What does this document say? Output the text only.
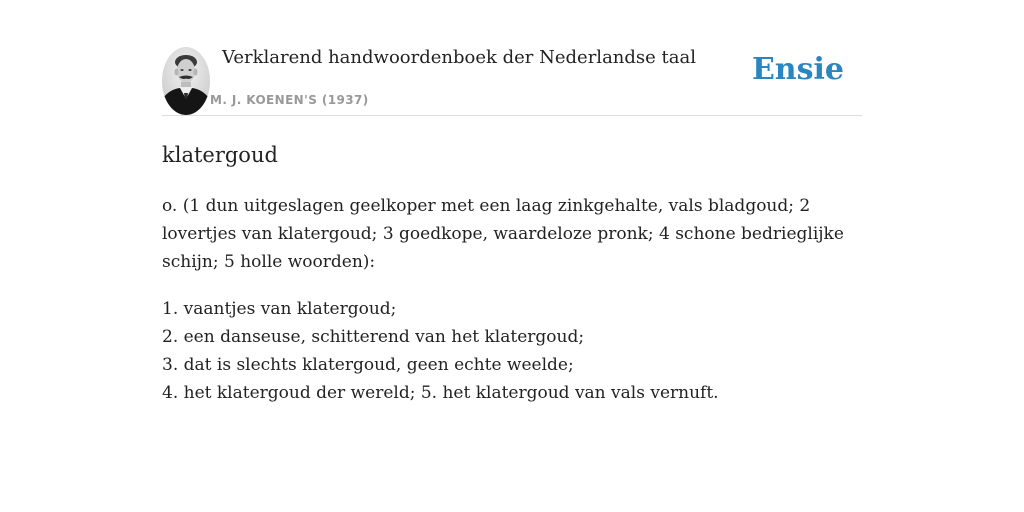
Verklarend handwoordenboek der Nederlandse taal
M. J. KOENEN'S (1937)
Ensie
klatergoud

o. (1 dun uitgeslagen geelkoper met een laag zinkgehalte, vals bladgoud; 2 lovertjes van klatergoud; 3 goedkope, waardeloze pronk; 4 schone bedrieglijke schijn; 5 holle woorden):

1. vaantjes van klatergoud;
2. een danseuse, schitterend van het klatergoud;
3. dat is slechts klatergoud, geen echte weelde;
4. het klatergoud der wereld; 5. het klatergoud van vals vernuft.
